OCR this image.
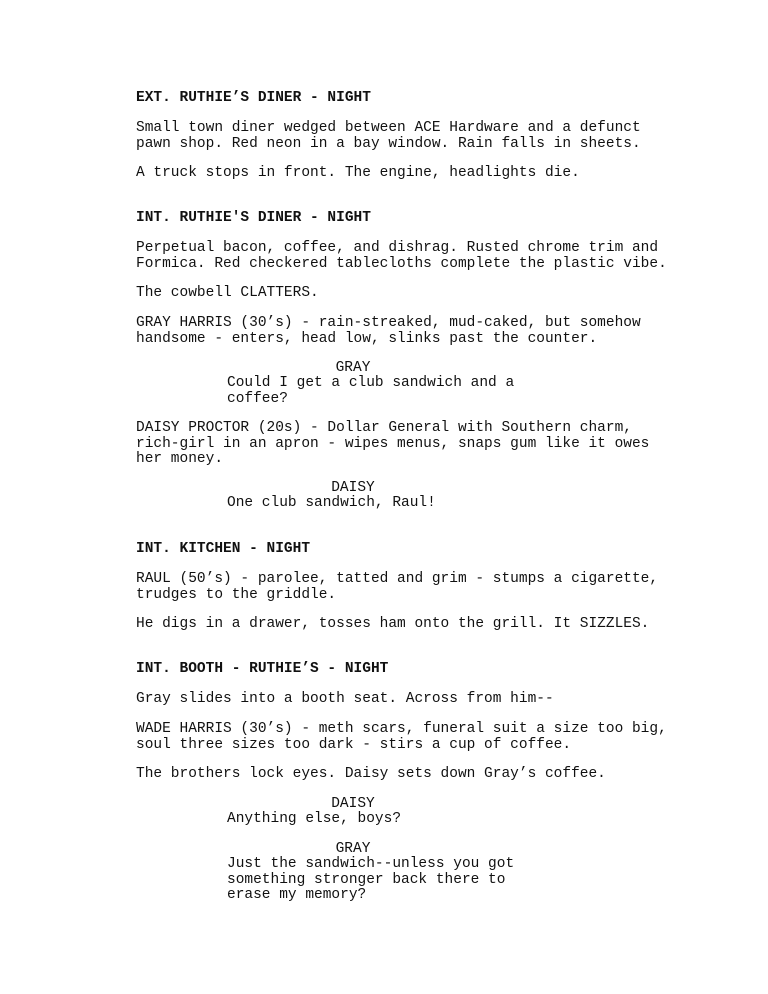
EXT. RUTHIE’S DINER - NIGHT

Small town diner wedged between ACE Hardware and a defunct
pawn shop. Red neon in a bay window. Rain falls in sheets.

A truck stops in front. The engine, headlights die.

INT. RUTHIE'S DINER - NIGHT

Perpetual bacon, coffee, and dishrag. Rusted chrome trim and
Formica. Red checkered tablecloths complete the plastic vibe.

The cowbell CLATTERS.

GRAY HARRIS (30’s) - rain-streaked, mud-caked, but somehow
handsome - enters, head low, slinks past the counter.

GRAY

Could I get a club sandwich and a
coffee?

DAISY PROCTOR (20s) - Dollar General with Southern charm,
rich-girl in an apron - wipes menus, snaps gum like it owes
her money.

DAISY

One club sandwich, Raul!

INT. KITCHEN - NIGHT

RAUL (50’s) - parolee, tatted and grim - stumps a cigarette,
trudges to the griddle.

He digs in a drawer, tosses ham onto the grill. It SIZZLES.

INT. BOOTH - RUTHIE’S - NIGHT

Gray slides into a booth seat. Across from him--

WADE HARRIS (30’s) - meth scars, funeral suit a size too big,
soul three sizes too dark - stirs a cup of coffee.

The brothers lock eyes. Daisy sets down Gray’s coffee.

DAISY

Anything else, boys?

GRAY

Just the sandwich--unless you got
something stronger back there to
erase my memory?
